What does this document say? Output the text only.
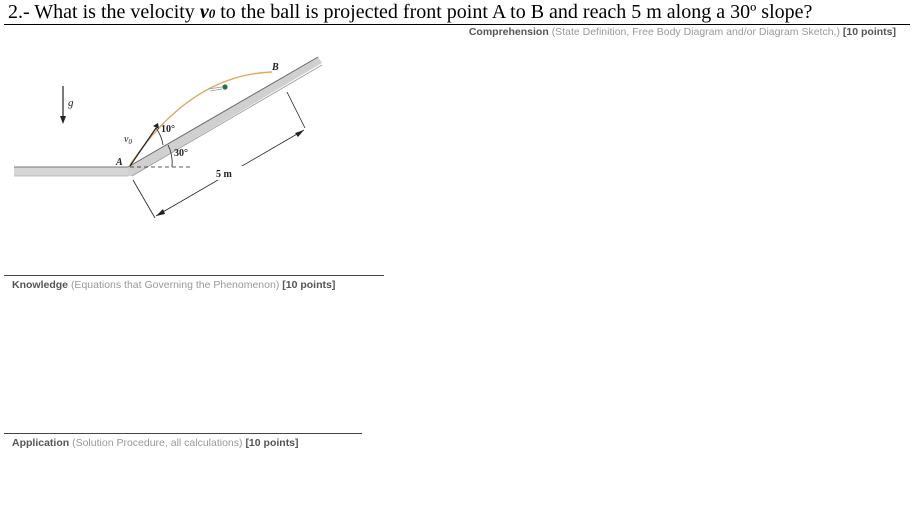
2.- What is the velocity v0 to the ball is projected front point A to B and reach 5 m along a 30º slope?
Comprehension (State Definition, Free Body Diagram and/or Diagram Sketch,) [10 points]
g
$v_0$
10°
30°
A
B
5 m
Knowledge (Equations that Governing the Phenomenon) [10 points]
Application (Solution Procedure, all calculations) [10 points]
